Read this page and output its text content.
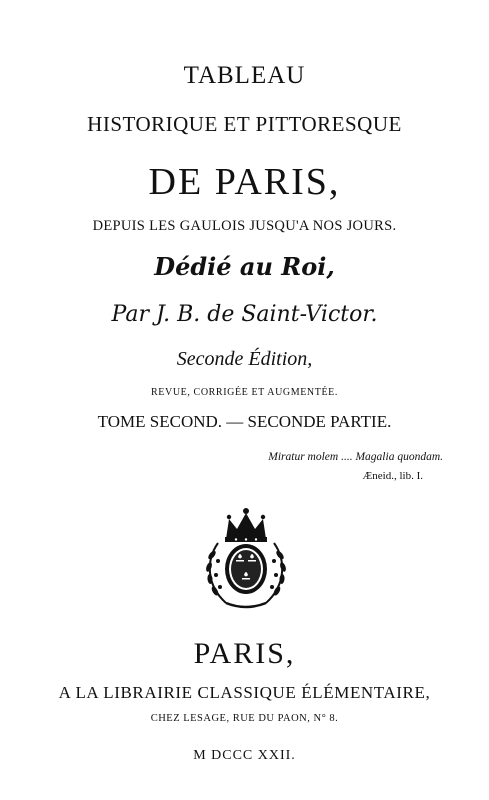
TABLEAU
HISTORIQUE ET PITTORESQUE
DE PARIS,
DEPUIS LES GAULOIS JUSQU'A NOS JOURS.
Dédié au Roi,
Par J. B. de Saint-Victor.
Seconde Édition,
REVUE, CORRIGÉE ET AUGMENTÉE.
TOME SECOND. — SECONDE PARTIE.
Miratur molem .... Magalia quondam.
Æneid., lib. I.
PARIS,
A LA LIBRAIRIE CLASSIQUE ÉLÉMENTAIRE,
CHEZ LESAGE, RUE DU PAON, N° 8.
M DCCC XXII.
